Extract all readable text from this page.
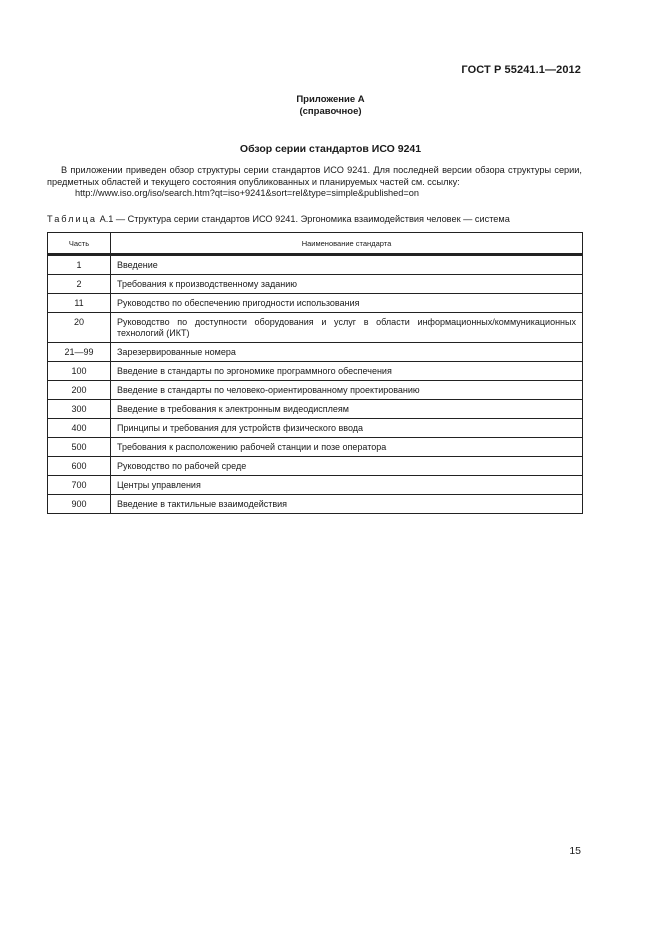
ГОСТ Р 55241.1—2012
Приложение А
(справочное)
Обзор серии стандартов ИСО 9241

В приложении приведен обзор структуры серии стандартов ИСО 9241. Для последней версии обзора структуры серии, предметных областей и текущего состояния опубликованных и планируемых частей см. ссылку:

http://www.iso.org/iso/search.htm?qt=iso+9241&sort=rel&type=simple&published=on

Таблица А.1 — Структура серии стандартов ИСО 9241. Эргономика взаимодействия человек — система
Часть	Наименование стандарта
1	Введение
2	Требования к производственному заданию
11	Руководство по обеспечению пригодности использования
20	Руководство по доступности оборудования и услуг в области информационных/коммуникационных технологий (ИКТ)
21—99	Зарезервированные номера
100	Введение в стандарты по эргономике программного обеспечения
200	Введение в стандарты по человеко-ориентированному проектированию
300	Введение в требования к электронным видеодисплеям
400	Принципы и требования для устройств физического ввода
500	Требования к расположению рабочей станции и позе оператора
600	Руководство по рабочей среде
700	Центры управления
900	Введение в тактильные взаимодействия
15
